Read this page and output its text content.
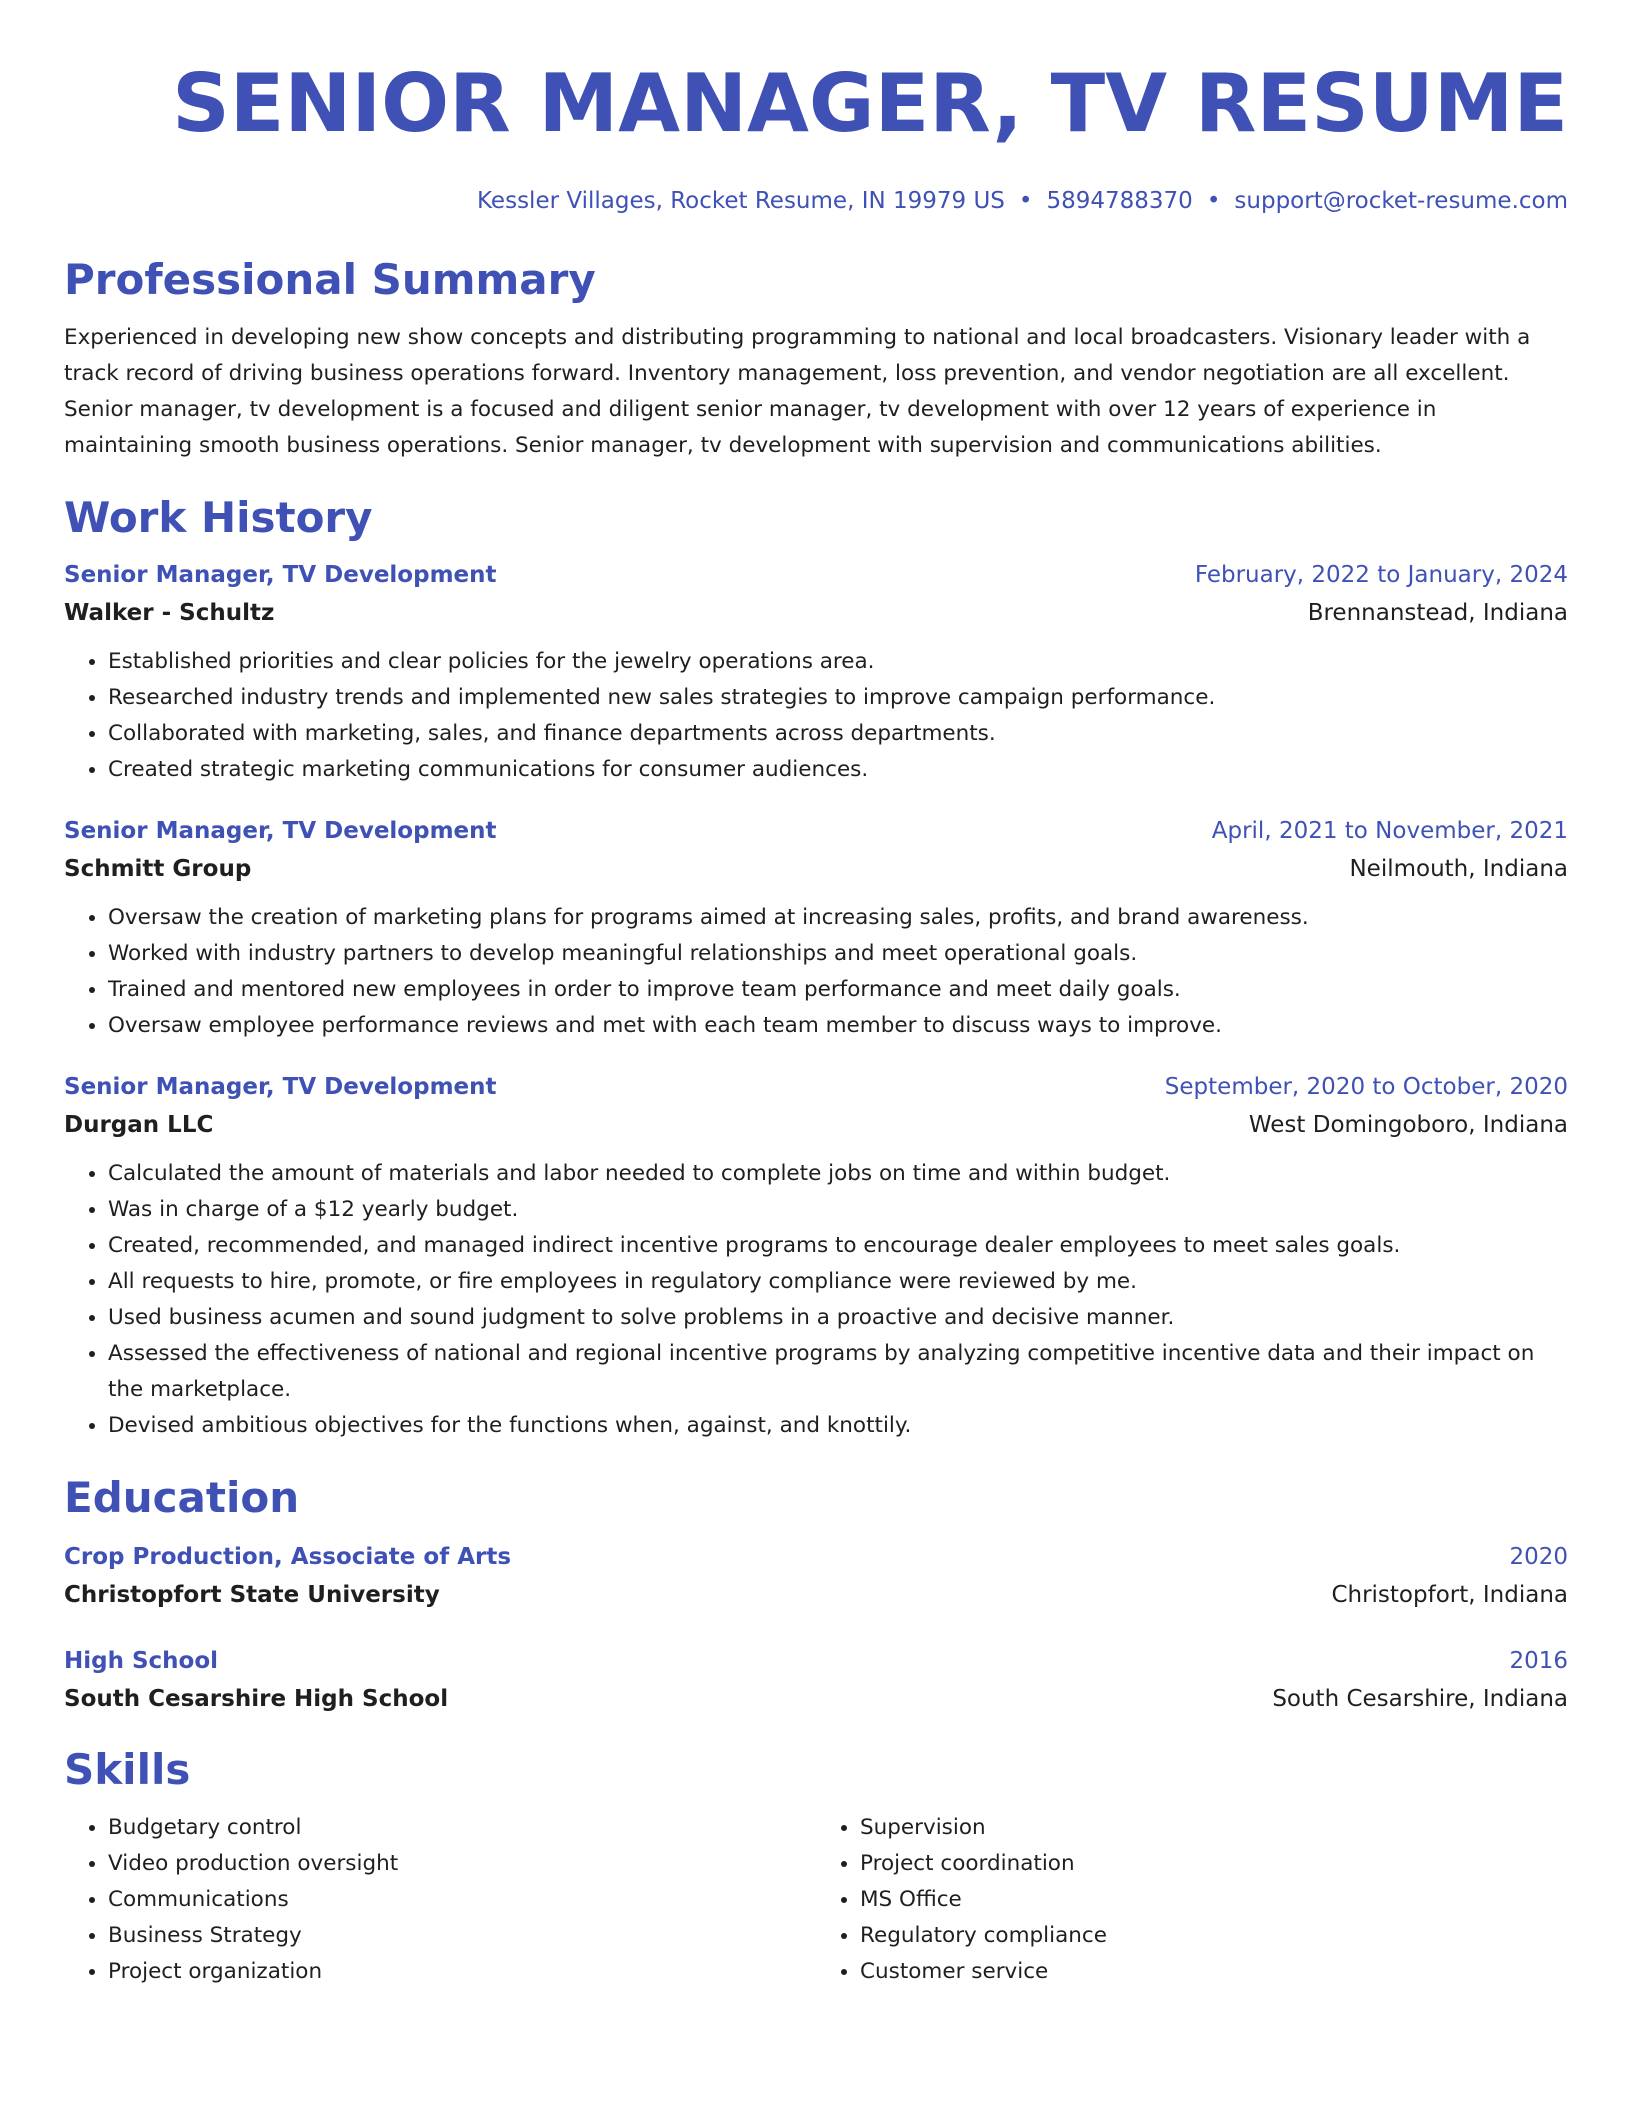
SENIOR MANAGER, TV RESUME
Kessler Villages, Rocket Resume, IN 19979 US • 5894788370 • support@rocket-resume.com
Professional Summary
Experienced in developing new show concepts and distributing programming to national and local broadcasters. Visionary leader with a track record of driving business operations forward. Inventory management, loss prevention, and vendor negotiation are all excellent. Senior manager, tv development is a focused and diligent senior manager, tv development with over 12 years of experience in maintaining smooth business operations. Senior manager, tv development with supervision and communications abilities.
Work History
Senior Manager, TV Development	February, 2022 to January, 2024
Walker - Schultz	Brennanstead, Indiana
• Established priorities and clear policies for the jewelry operations area.
• Researched industry trends and implemented new sales strategies to improve campaign performance.
• Collaborated with marketing, sales, and finance departments across departments.
• Created strategic marketing communications for consumer audiences.
Senior Manager, TV Development	April, 2021 to November, 2021
Schmitt Group	Neilmouth, Indiana
• Oversaw the creation of marketing plans for programs aimed at increasing sales, profits, and brand awareness.
• Worked with industry partners to develop meaningful relationships and meet operational goals.
• Trained and mentored new employees in order to improve team performance and meet daily goals.
• Oversaw employee performance reviews and met with each team member to discuss ways to improve.
Senior Manager, TV Development	September, 2020 to October, 2020
Durgan LLC	West Domingoboro, Indiana
• Calculated the amount of materials and labor needed to complete jobs on time and within budget.
• Was in charge of a $12 yearly budget.
• Created, recommended, and managed indirect incentive programs to encourage dealer employees to meet sales goals.
• All requests to hire, promote, or fire employees in regulatory compliance were reviewed by me.
• Used business acumen and sound judgment to solve problems in a proactive and decisive manner.
• Assessed the effectiveness of national and regional incentive programs by analyzing competitive incentive data and their impact on the marketplace.
• Devised ambitious objectives for the functions when, against, and knottily.
Education
Crop Production, Associate of Arts	2020
Christopfort State University	Christopfort, Indiana
High School	2016
South Cesarshire High School	South Cesarshire, Indiana
Skills
• Budgetary control
• Video production oversight
• Communications
• Business Strategy
• Project organization
• Supervision
• Project coordination
• MS Office
• Regulatory compliance
• Customer service
